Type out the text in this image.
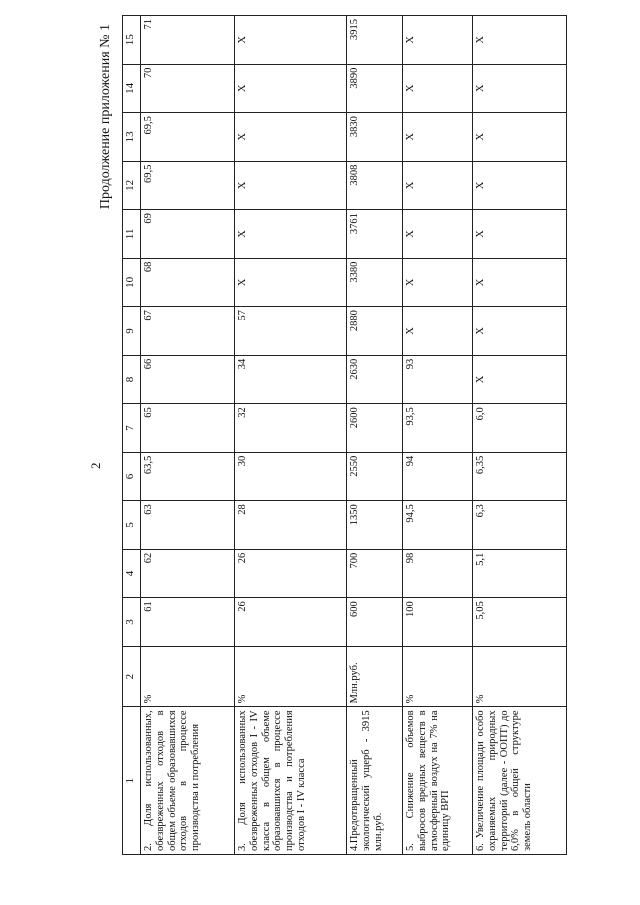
2
Продолжение приложения № 1
1	2	3	4	5	6	7	8	9	10	11	12	13	14	15
2. Доля использованных, обезвреженных отходов в общем объеме образовавшихся отходов в процессе производства и потребления	%	61	62	63	63,5	65	66	67	68	69	69,5	69,5	70	71
3. Доля использованных обезвреженных отходов I - IV класса в общем объеме образовавшихся в процессе производства и потребления отходов I - IV класса	%	26	26	28	30	32	34	57	X	X	X	X	X	X
4.Предотвращенный экологический ущерб - 3915 млн.руб.	Млн.руб.	600	700	1350	2550	2600	2630	2880	3380	3761	3808	3830	3890	3915
5. Снижение объемов выбросов вредных веществ в атмосферный воздух на 7% на единицу ВРП	%	100	98	94,5	94	93,5	93	X	X	X	X	X	X	X
6. Увеличение площади особо охраняемых природных территорий (далее - ООПТ) до 6,0% в общей структуре земель области	%	5,05	5,1	6,3	6,35	6,0	X	X	X	X	X	X	X	X
